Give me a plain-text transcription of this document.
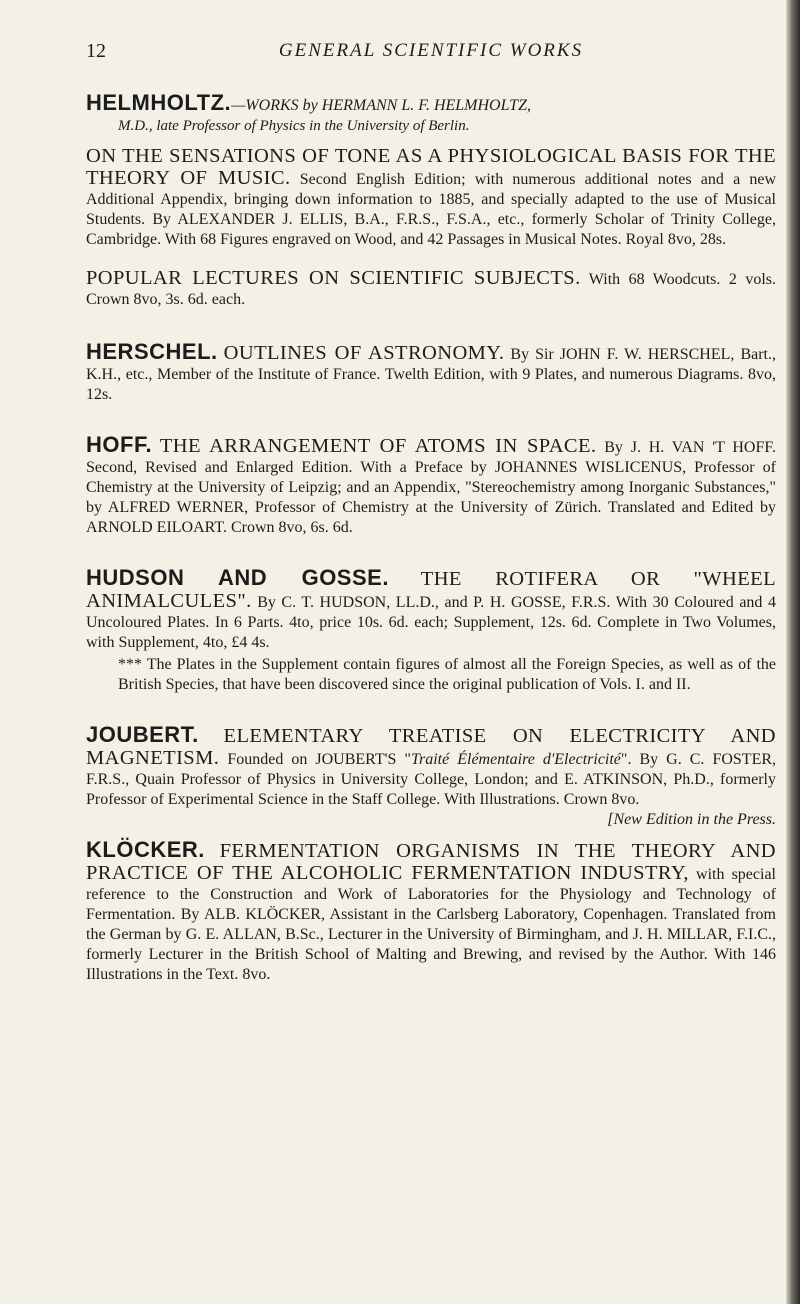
12	GENERAL SCIENTIFIC WORKS

HELMHOLTZ.—WORKS by HERMANN L. F. HELMHOLTZ,

M.D., late Professor of Physics in the University of Berlin.

ON THE SENSATIONS OF TONE AS A PHYSIOLOGICAL BASIS FOR THE THEORY OF MUSIC. Second English Edition; with numerous additional notes and a new Additional Appendix, bringing down information to 1885, and specially adapted to the use of Musical Students. By ALEXANDER J. ELLIS, B.A., F.R.S., F.S.A., etc., formerly Scholar of Trinity College, Cambridge. With 68 Figures engraved on Wood, and 42 Passages in Musical Notes. Royal 8vo, 28s.

POPULAR LECTURES ON SCIENTIFIC SUBJECTS. With 68 Woodcuts. 2 vols. Crown 8vo, 3s. 6d. each.

HERSCHEL. OUTLINES OF ASTRONOMY. By Sir JOHN F. W. HERSCHEL, Bart., K.H., etc., Member of the Institute of France. Twelth Edition, with 9 Plates, and numerous Diagrams. 8vo, 12s.

HOFF. THE ARRANGEMENT OF ATOMS IN SPACE. By J. H. VAN 'T HOFF. Second, Revised and Enlarged Edition. With a Preface by JOHANNES WISLICENUS, Professor of Chemistry at the University of Leipzig; and an Appendix, "Stereochemistry among Inorganic Substances," by ALFRED WERNER, Professor of Chemistry at the University of Zürich. Translated and Edited by ARNOLD EILOART. Crown 8vo, 6s. 6d.

HUDSON AND GOSSE. THE ROTIFERA OR "WHEEL ANIMALCULES". By C. T. HUDSON, LL.D., and P. H. GOSSE, F.R.S. With 30 Coloured and 4 Uncoloured Plates. In 6 Parts. 4to, price 10s. 6d. each; Supplement, 12s. 6d. Complete in Two Volumes, with Supplement, 4to, £4 4s.

*** The Plates in the Supplement contain figures of almost all the Foreign Species, as well as of the British Species, that have been discovered since the original publication of Vols. I. and II.

JOUBERT. ELEMENTARY TREATISE ON ELECTRICITY AND MAGNETISM. Founded on JOUBERT'S "Traité Élémentaire d'Electricité". By G. C. FOSTER, F.R.S., Quain Professor of Physics in University College, London; and E. ATKINSON, Ph.D., formerly Professor of Experimental Science in the Staff College. With Illustrations. Crown 8vo.
[New Edition in the Press.

KLÖCKER. FERMENTATION ORGANISMS IN THE THEORY AND PRACTICE OF THE ALCOHOLIC FERMENTATION INDUSTRY, with special reference to the Construction and Work of Laboratories for the Physiology and Technology of Fermentation. By ALB. KLÖCKER, Assistant in the Carlsberg Laboratory, Copenhagen. Translated from the German by G. E. ALLAN, B.Sc., Lecturer in the University of Birmingham, and J. H. MILLAR, F.I.C., formerly Lecturer in the British School of Malting and Brewing, and revised by the Author. With 146 Illustrations in the Text. 8vo.
